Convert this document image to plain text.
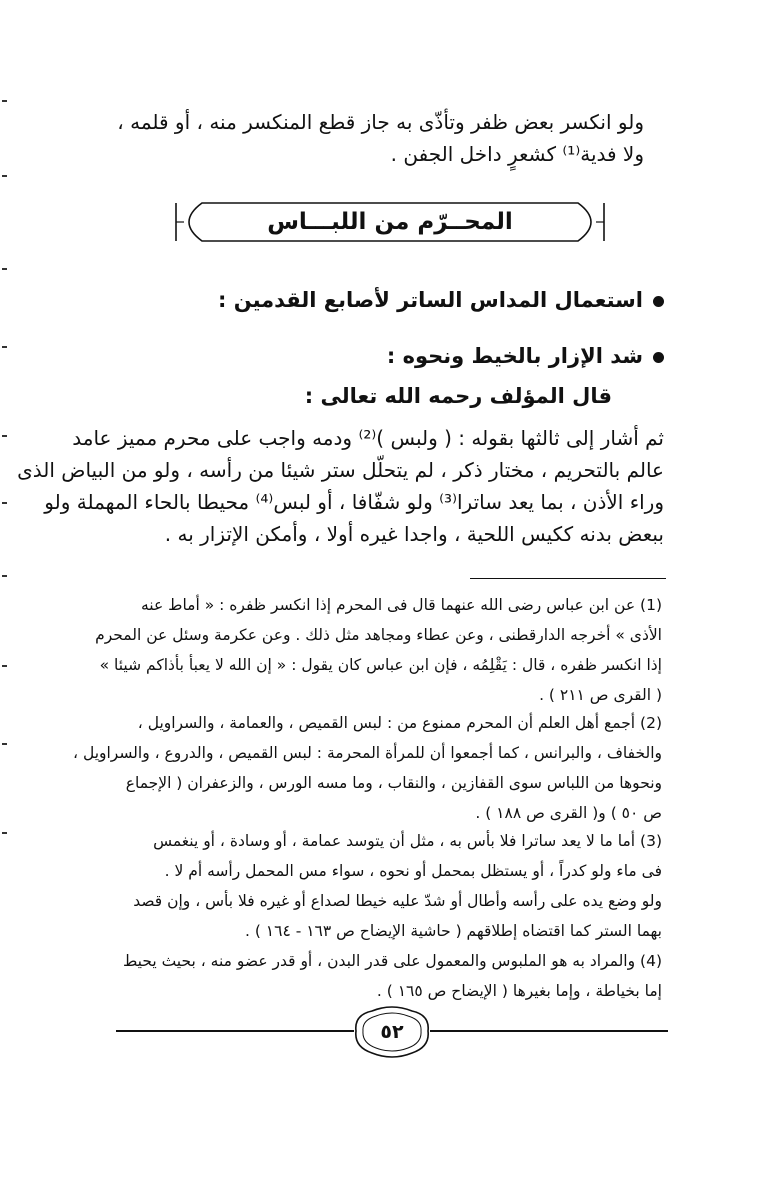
ولو انكسر بعض ظفر وتأذّى به جاز قطع المنكسر منه ، أو قلمه ،
ولا فدية⁽¹⁾ كشعرٍ داخل الجفن .
المحــرّم من اللبـــاس
استعمال المداس الساتر لأصابع القدمين :
شد الإزار بالخيط ونحوه :
قال المؤلف رحمه الله تعالى :
ثم أشار إلى ثالثها بقوله : ( ولبس )⁽²⁾ ودمه واجب على محرم مميز عامد
عالم بالتحريم ، مختار ذكر ، لم يتحلّل ستر شيئا من رأسه ، ولو من البياض الذى
وراء الأذن ، بما يعد ساترا⁽³⁾ ولو شفّافا ، أو لبس⁽⁴⁾ محيطا بالحاء المهملة ولو
ببعض بدنه ككيس اللحية ، واجدا غيره أولا ، وأمكن الإتزار به .
(1) عن ابن عباس رضى الله عنهما قال فى المحرم إذا انكسر ظفره : « أماط عنه
الأذى » أخرجه الدارقطنى ، وعن عطاء ومجاهد مثل ذلك . وعن عكرمة وسئل عن المحرم
إذا انكسر ظفره ، قال : يَقْلِمُه ، فإن ابن عباس كان يقول : « إن الله لا يعبأ بأذاكم شيئا »
( القرى ص ٢١١ ) .
(2) أجمع أهل العلم أن المحرم ممنوع من : لبس القميص ، والعمامة ، والسراويل ،
والخفاف ، والبرانس ، كما أجمعوا أن للمرأة المحرمة : لبس القميص ، والدروع ، والسراويل ،
ونحوها من اللباس سوى القفازين ، والنقاب ، وما مسه الورس ، والزعفران ( الإجماع
ص ٥٠ ) و( القرى ص ١٨٨ ) .
(3) أما ما لا يعد ساترا فلا بأس به ، مثل أن يتوسد عمامة ، أو وسادة ، أو ينغمس
فى ماء ولو كدراً ، أو يستظل بمحمل أو نحوه ، سواء مس المحمل رأسه أم لا .
ولو وضع يده على رأسه وأطال أو شدّ عليه خيطا لصداع أو غيره فلا بأس ، وإن قصد
بهما الستر كما اقتضاه إطلاقهم ( حاشية الإيضاح ص ١٦٣ - ١٦٤ ) .
(4) والمراد به هو الملبوس والمعمول على قدر البدن ، أو قدر عضو منه ، بحيث يحيط
إما بخياطة ، وإما بغيرها ( الإيضاح ص ١٦٥ ) .
٥٢
